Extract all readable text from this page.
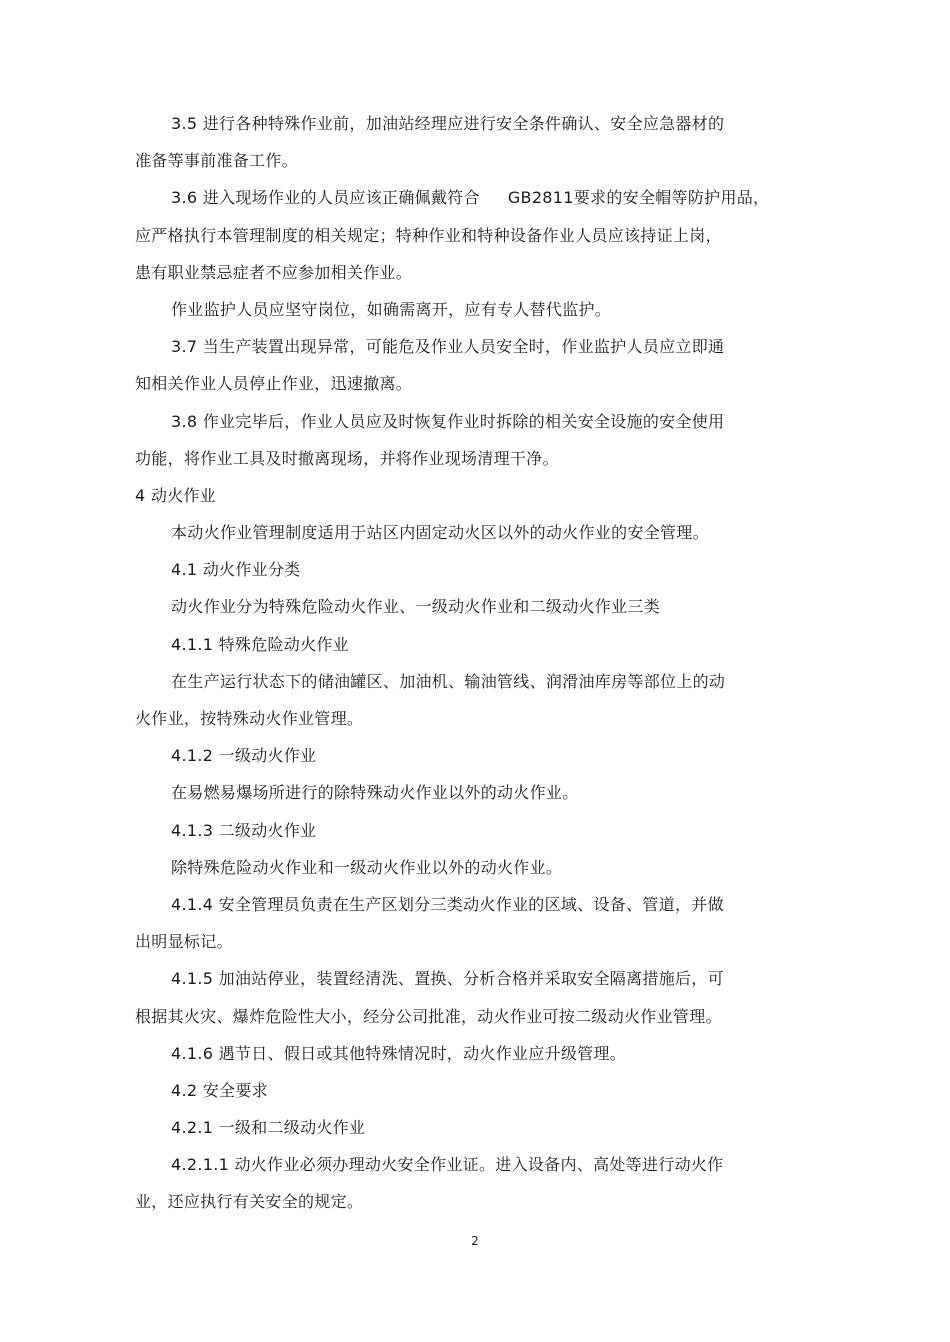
3.5 进行各种特殊作业前，加油站经理应进行安全条件确认、安全应急器材的
准备等事前准备工作。
3.6 进入现场作业的人员应该正确佩戴符合 GB2811要求的安全帽等防护用品，
应严格执行本管理制度的相关规定；特种作业和特种设备作业人员应该持证上岗，
患有职业禁忌症者不应参加相关作业。
作业监护人员应坚守岗位，如确需离开，应有专人替代监护。
3.7 当生产装置出现异常，可能危及作业人员安全时，作业监护人员应立即通
知相关作业人员停止作业，迅速撤离。
3.8 作业完毕后，作业人员应及时恢复作业时拆除的相关安全设施的安全使用
功能，将作业工具及时撤离现场，并将作业现场清理干净。
4 动火作业
本动火作业管理制度适用于站区内固定动火区以外的动火作业的安全管理。
4.1 动火作业分类
动火作业分为特殊危险动火作业、一级动火作业和二级动火作业三类
4.1.1 特殊危险动火作业
在生产运行状态下的储油罐区、加油机、输油管线、润滑油库房等部位上的动
火作业，按特殊动火作业管理。
4.1.2 一级动火作业
在易燃易爆场所进行的除特殊动火作业以外的动火作业。
4.1.3 二级动火作业
除特殊危险动火作业和一级动火作业以外的动火作业。
4.1.4 安全管理员负责在生产区划分三类动火作业的区域、设备、管道，并做
出明显标记。
4.1.5 加油站停业，装置经清洗、置换、分析合格并采取安全隔离措施后，可
根据其火灾、爆炸危险性大小，经分公司批准，动火作业可按二级动火作业管理。
4.1.6 遇节日、假日或其他特殊情况时，动火作业应升级管理。
4.2 安全要求
4.2.1 一级和二级动火作业
4.2.1.1 动火作业必须办理动火安全作业证。进入设备内、高处等进行动火作
业，还应执行有关安全的规定。
2
